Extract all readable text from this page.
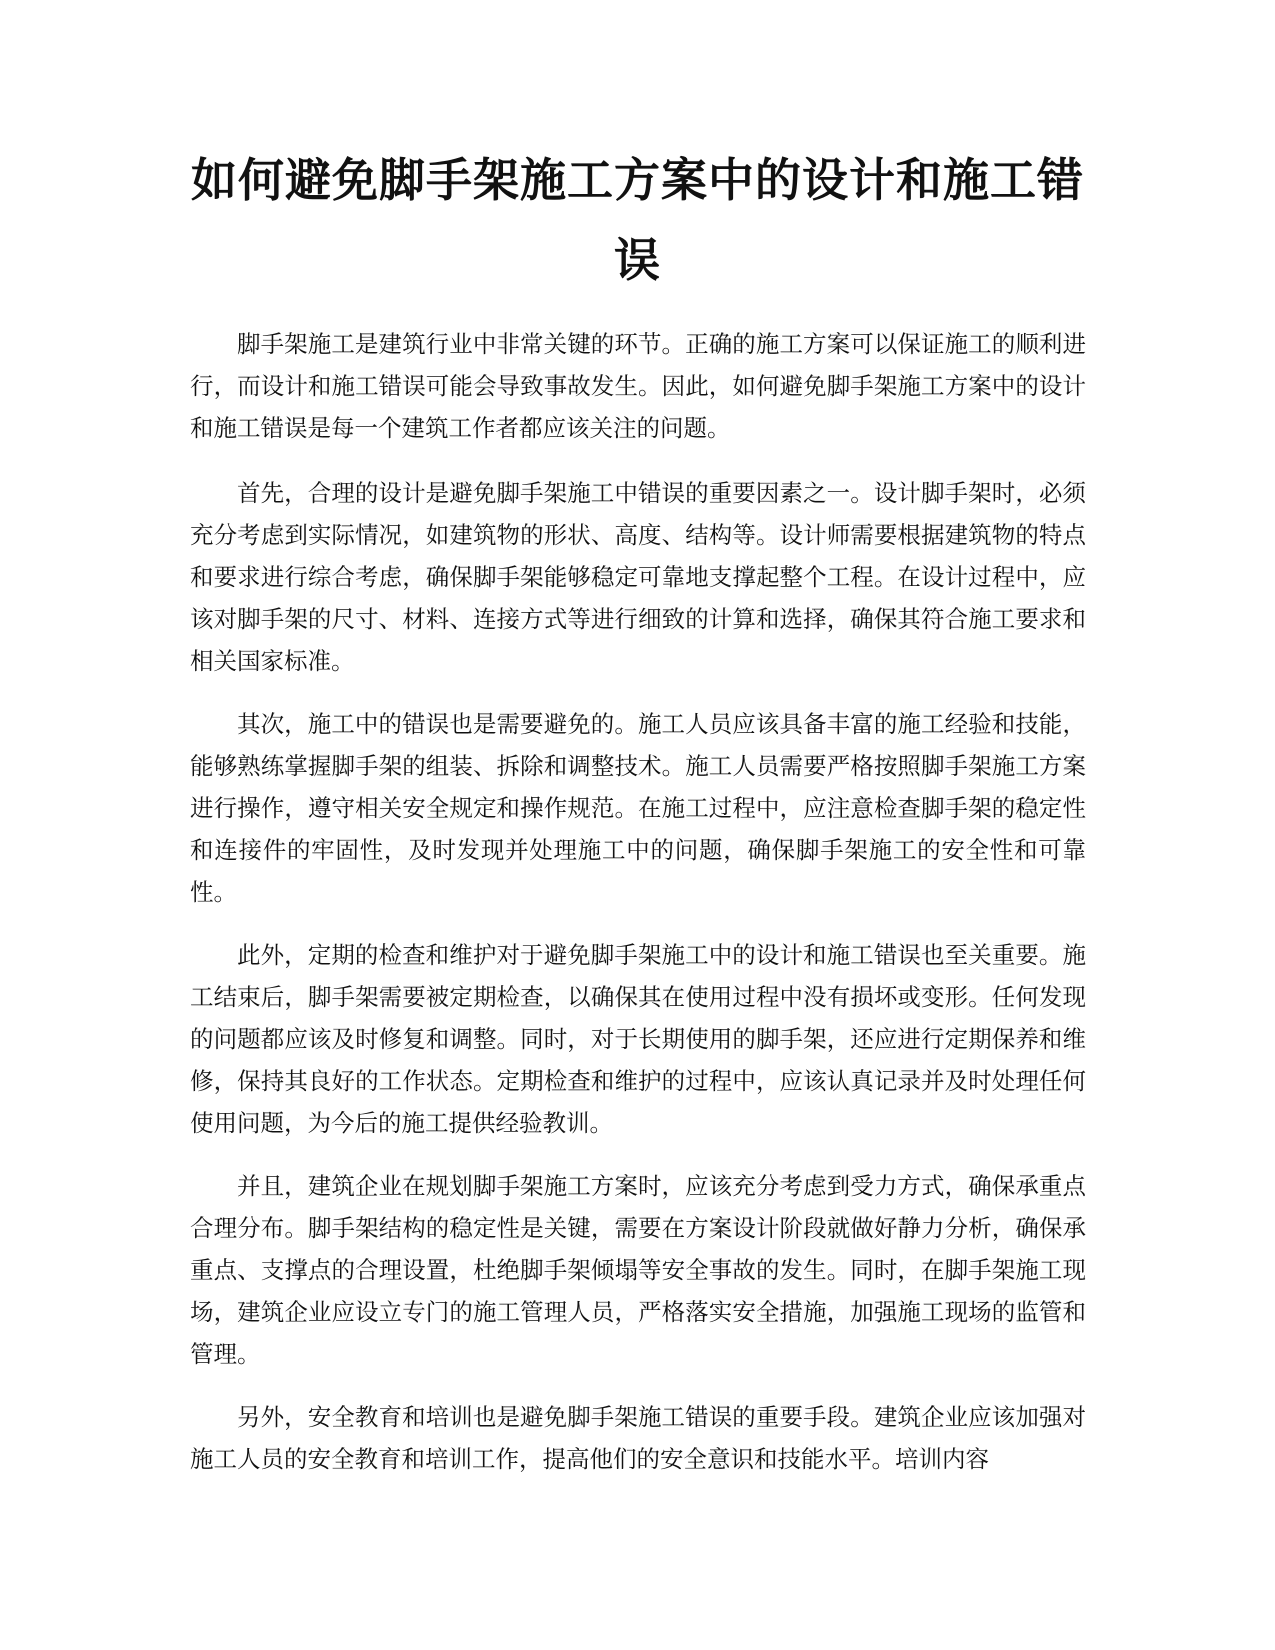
如何避免脚手架施工方案中的设计和施工错误

脚手架施工是建筑行业中非常关键的环节。正确的施工方案可以保证施工的顺利进行，而设计和施工错误可能会导致事故发生。因此，如何避免脚手架施工方案中的设计和施工错误是每一个建筑工作者都应该关注的问题。

首先，合理的设计是避免脚手架施工中错误的重要因素之一。设计脚手架时，必须充分考虑到实际情况，如建筑物的形状、高度、结构等。设计师需要根据建筑物的特点和要求进行综合考虑，确保脚手架能够稳定可靠地支撑起整个工程。在设计过程中，应该对脚手架的尺寸、材料、连接方式等进行细致的计算和选择，确保其符合施工要求和相关国家标准。

其次，施工中的错误也是需要避免的。施工人员应该具备丰富的施工经验和技能，能够熟练掌握脚手架的组装、拆除和调整技术。施工人员需要严格按照脚手架施工方案进行操作，遵守相关安全规定和操作规范。在施工过程中，应注意检查脚手架的稳定性和连接件的牢固性，及时发现并处理施工中的问题，确保脚手架施工的安全性和可靠性。

此外，定期的检查和维护对于避免脚手架施工中的设计和施工错误也至关重要。施工结束后，脚手架需要被定期检查，以确保其在使用过程中没有损坏或变形。任何发现的问题都应该及时修复和调整。同时，对于长期使用的脚手架，还应进行定期保养和维修，保持其良好的工作状态。定期检查和维护的过程中，应该认真记录并及时处理任何使用问题，为今后的施工提供经验教训。

并且，建筑企业在规划脚手架施工方案时，应该充分考虑到受力方式，确保承重点合理分布。脚手架结构的稳定性是关键，需要在方案设计阶段就做好静力分析，确保承重点、支撑点的合理设置，杜绝脚手架倾塌等安全事故的发生。同时，在脚手架施工现场，建筑企业应设立专门的施工管理人员，严格落实安全措施，加强施工现场的监管和管理。

另外，安全教育和培训也是避免脚手架施工错误的重要手段。建筑企业应该加强对施工人员的安全教育和培训工作，提高他们的安全意识和技能水平。培训内容
